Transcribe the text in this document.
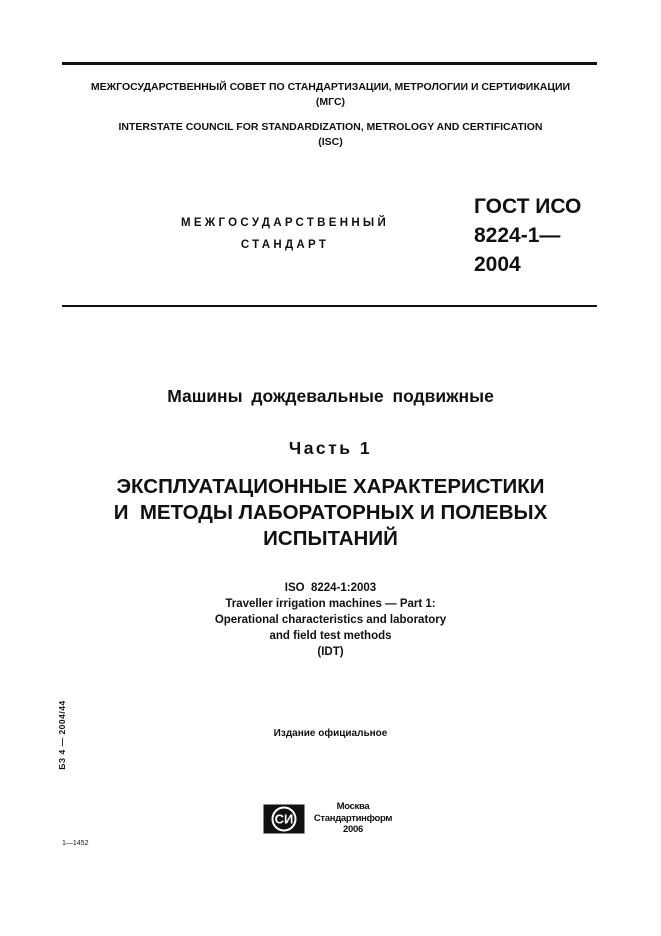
МЕЖГОСУДАРСТВЕННЫЙ СОВЕТ ПО СТАНДАРТИЗАЦИИ, МЕТРОЛОГИИ И СЕРТИФИКАЦИИ
(МГС)
INTERSTATE COUNCIL FOR STANDARDIZATION, METROLOGY AND CERTIFICATION
(ISC)
МЕЖГОСУДАРСТВЕННЫЙ
СТАНДАРТ
ГОСТ ИСО
8224-1—
2004
Машины дождевальные подвижные
Часть 1
ЭКСПЛУАТАЦИОННЫЕ ХАРАКТЕРИСТИКИ
И  МЕТОДЫ ЛАБОРАТОРНЫХ И ПОЛЕВЫХ
ИСПЫТАНИЙ
ISO  8224-1:2003
Traveller irrigation machines — Part 1:
Operational characteristics and laboratory
and field test methods
(IDT)
БЗ 4 — 2004/44	Издание официальное
СИ
Москва
Стандартинформ
2006
1—1452
